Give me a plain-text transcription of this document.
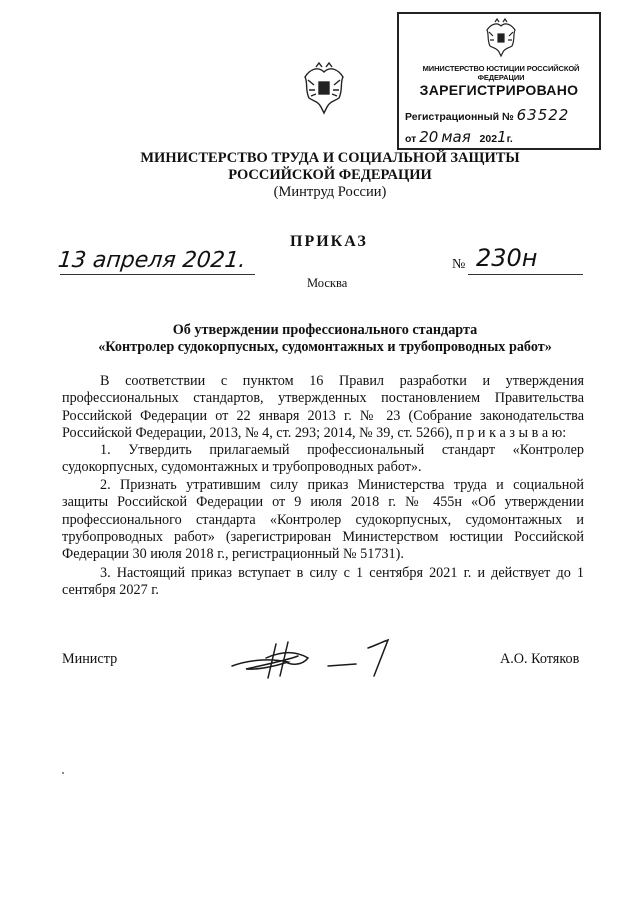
МИНИСТЕРСТВО ЮСТИЦИИ РОССИЙСКОЙ ФЕДЕРАЦИИ
ЗАРЕГИСТРИРОВАНО
Регистрационный № 63522
от 20 мая 2021г.
МИНИСТЕРСТВО ТРУДА И СОЦИАЛЬНОЙ ЗАЩИТЫ
РОССИЙСКОЙ ФЕДЕРАЦИИ
(Минтруд России)
ПРИКАЗ
13 апреля 2021.	№ 230н
Москва
Об утверждении профессионального стандарта
«Контролер судокорпусных, судомонтажных и трубопроводных работ»
В соответствии с пунктом 16 Правил разработки и утверждения профессиональных стандартов, утвержденных постановлением Правительства Российской Федерации от 22 января 2013 г. № 23 (Собрание законодательства Российской Федерации, 2013, № 4, ст. 293; 2014, № 39, ст. 5266), п р и к а з ы в а ю:
1. Утвердить прилагаемый профессиональный стандарт «Контролер судокорпусных, судомонтажных и трубопроводных работ».
2. Признать утратившим силу приказ Министерства труда и социальной защиты Российской Федерации от 9 июля 2018 г. № 455н «Об утверждении профессионального стандарта «Контролер судокорпусных, судомонтажных и трубопроводных работ» (зарегистрирован Министерством юстиции Российской Федерации 30 июля 2018 г., регистрационный № 51731).
3. Настоящий приказ вступает в силу с 1 сентября 2021 г. и действует до 1 сентября 2027 г.
Министр	А.О. Котяков
